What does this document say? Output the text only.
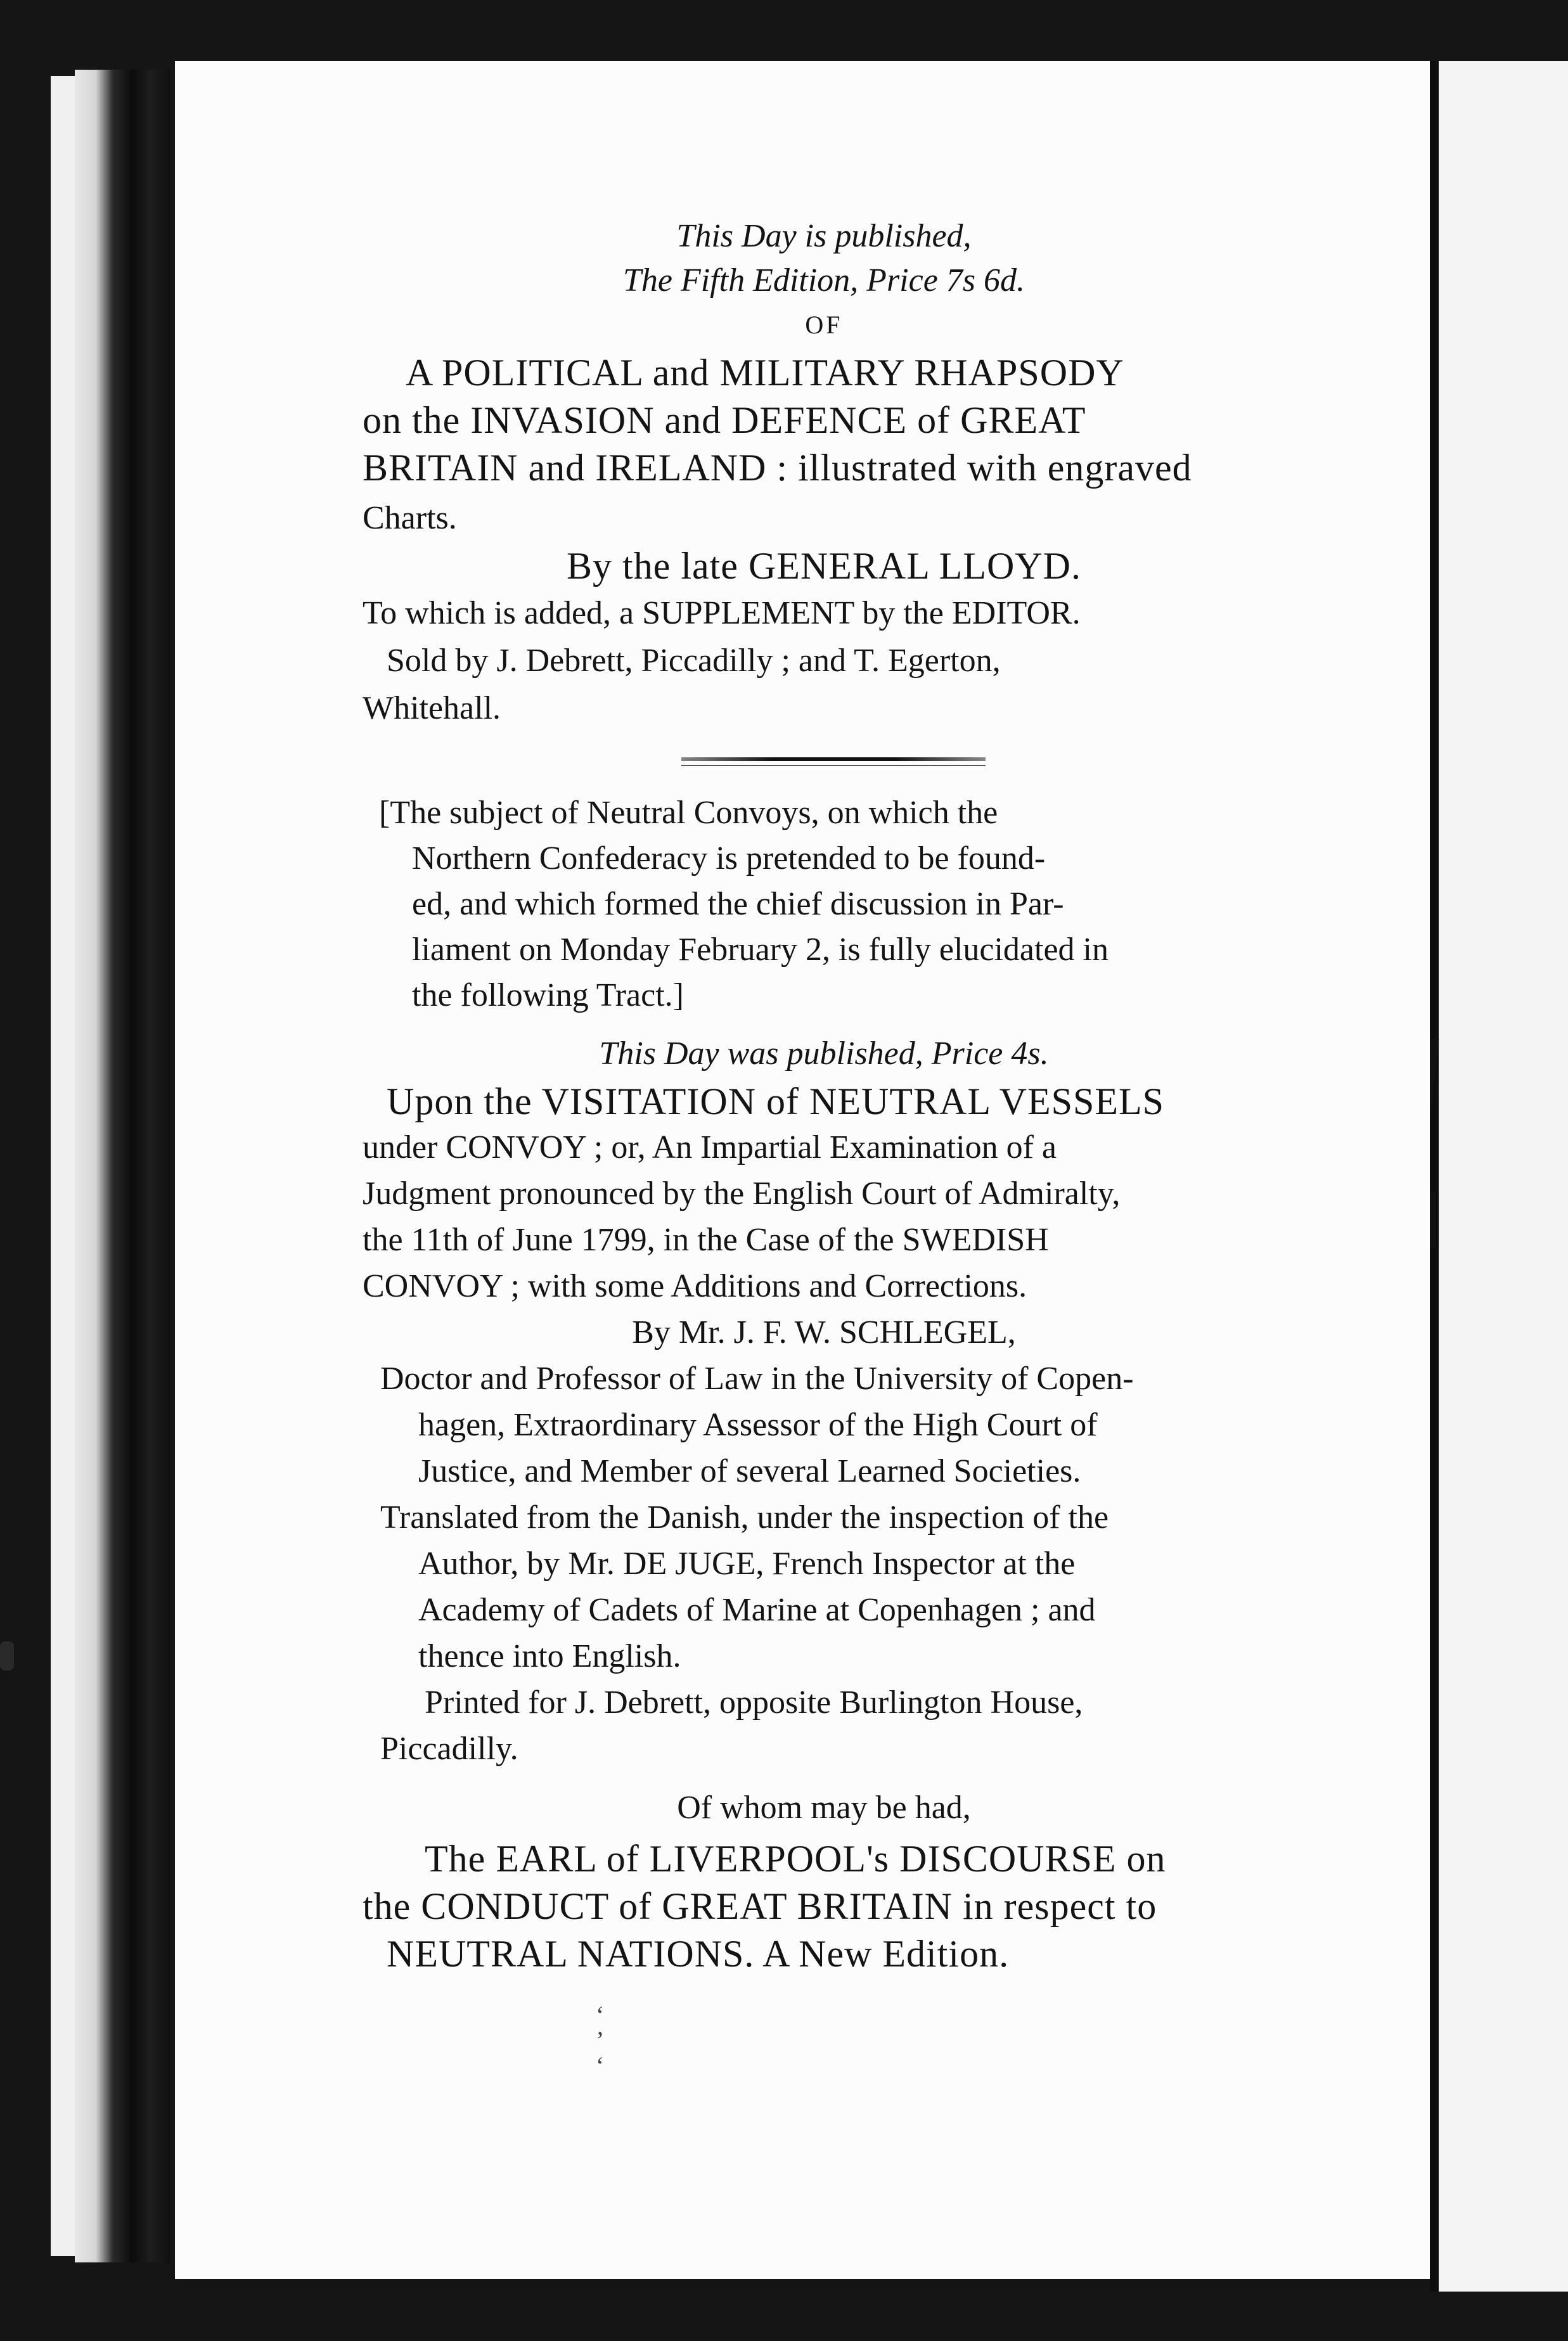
This Day is published,
The Fifth Edition, Price 7s 6d.
OF
A POLITICAL and MILITARY RHAPSODY
on the INVASION and DEFENCE of GREAT
BRITAIN and IRELAND : illustrated with engraved
Charts.
By the late GENERAL LLOYD.
To which is added, a SUPPLEMENT by the EDITOR.
Sold by J. Debrett, Piccadilly ; and T. Egerton,
Whitehall.
[The subject of Neutral Convoys, on which the
Northern Confederacy is pretended to be found-
ed, and which formed the chief discussion in Par-
liament on Monday February 2, is fully elucidated in
the following Tract.]
This Day was published, Price 4s.
Upon the VISITATION of NEUTRAL VESSELS
under CONVOY ; or, An Impartial Examination of a
Judgment pronounced by the English Court of Admiralty,
the 11th of June 1799, in the Case of the SWEDISH
CONVOY ; with some Additions and Corrections.
By Mr. J. F. W. SCHLEGEL,
Doctor and Professor of Law in the University of Copen-
hagen, Extraordinary Assessor of the High Court of
Justice, and Member of several Learned Societies.
Translated from the Danish, under the inspection of the
Author, by Mr. DE JUGE, French Inspector at the
Academy of Cadets of Marine at Copenhagen ; and
thence into English.
Printed for J. Debrett, opposite Burlington House,
Piccadilly.
Of whom may be had,
The EARL of LIVERPOOL's DISCOURSE on
the CONDUCT of GREAT BRITAIN in respect to
NEUTRAL NATIONS. A New Edition.
‘
’
‘
